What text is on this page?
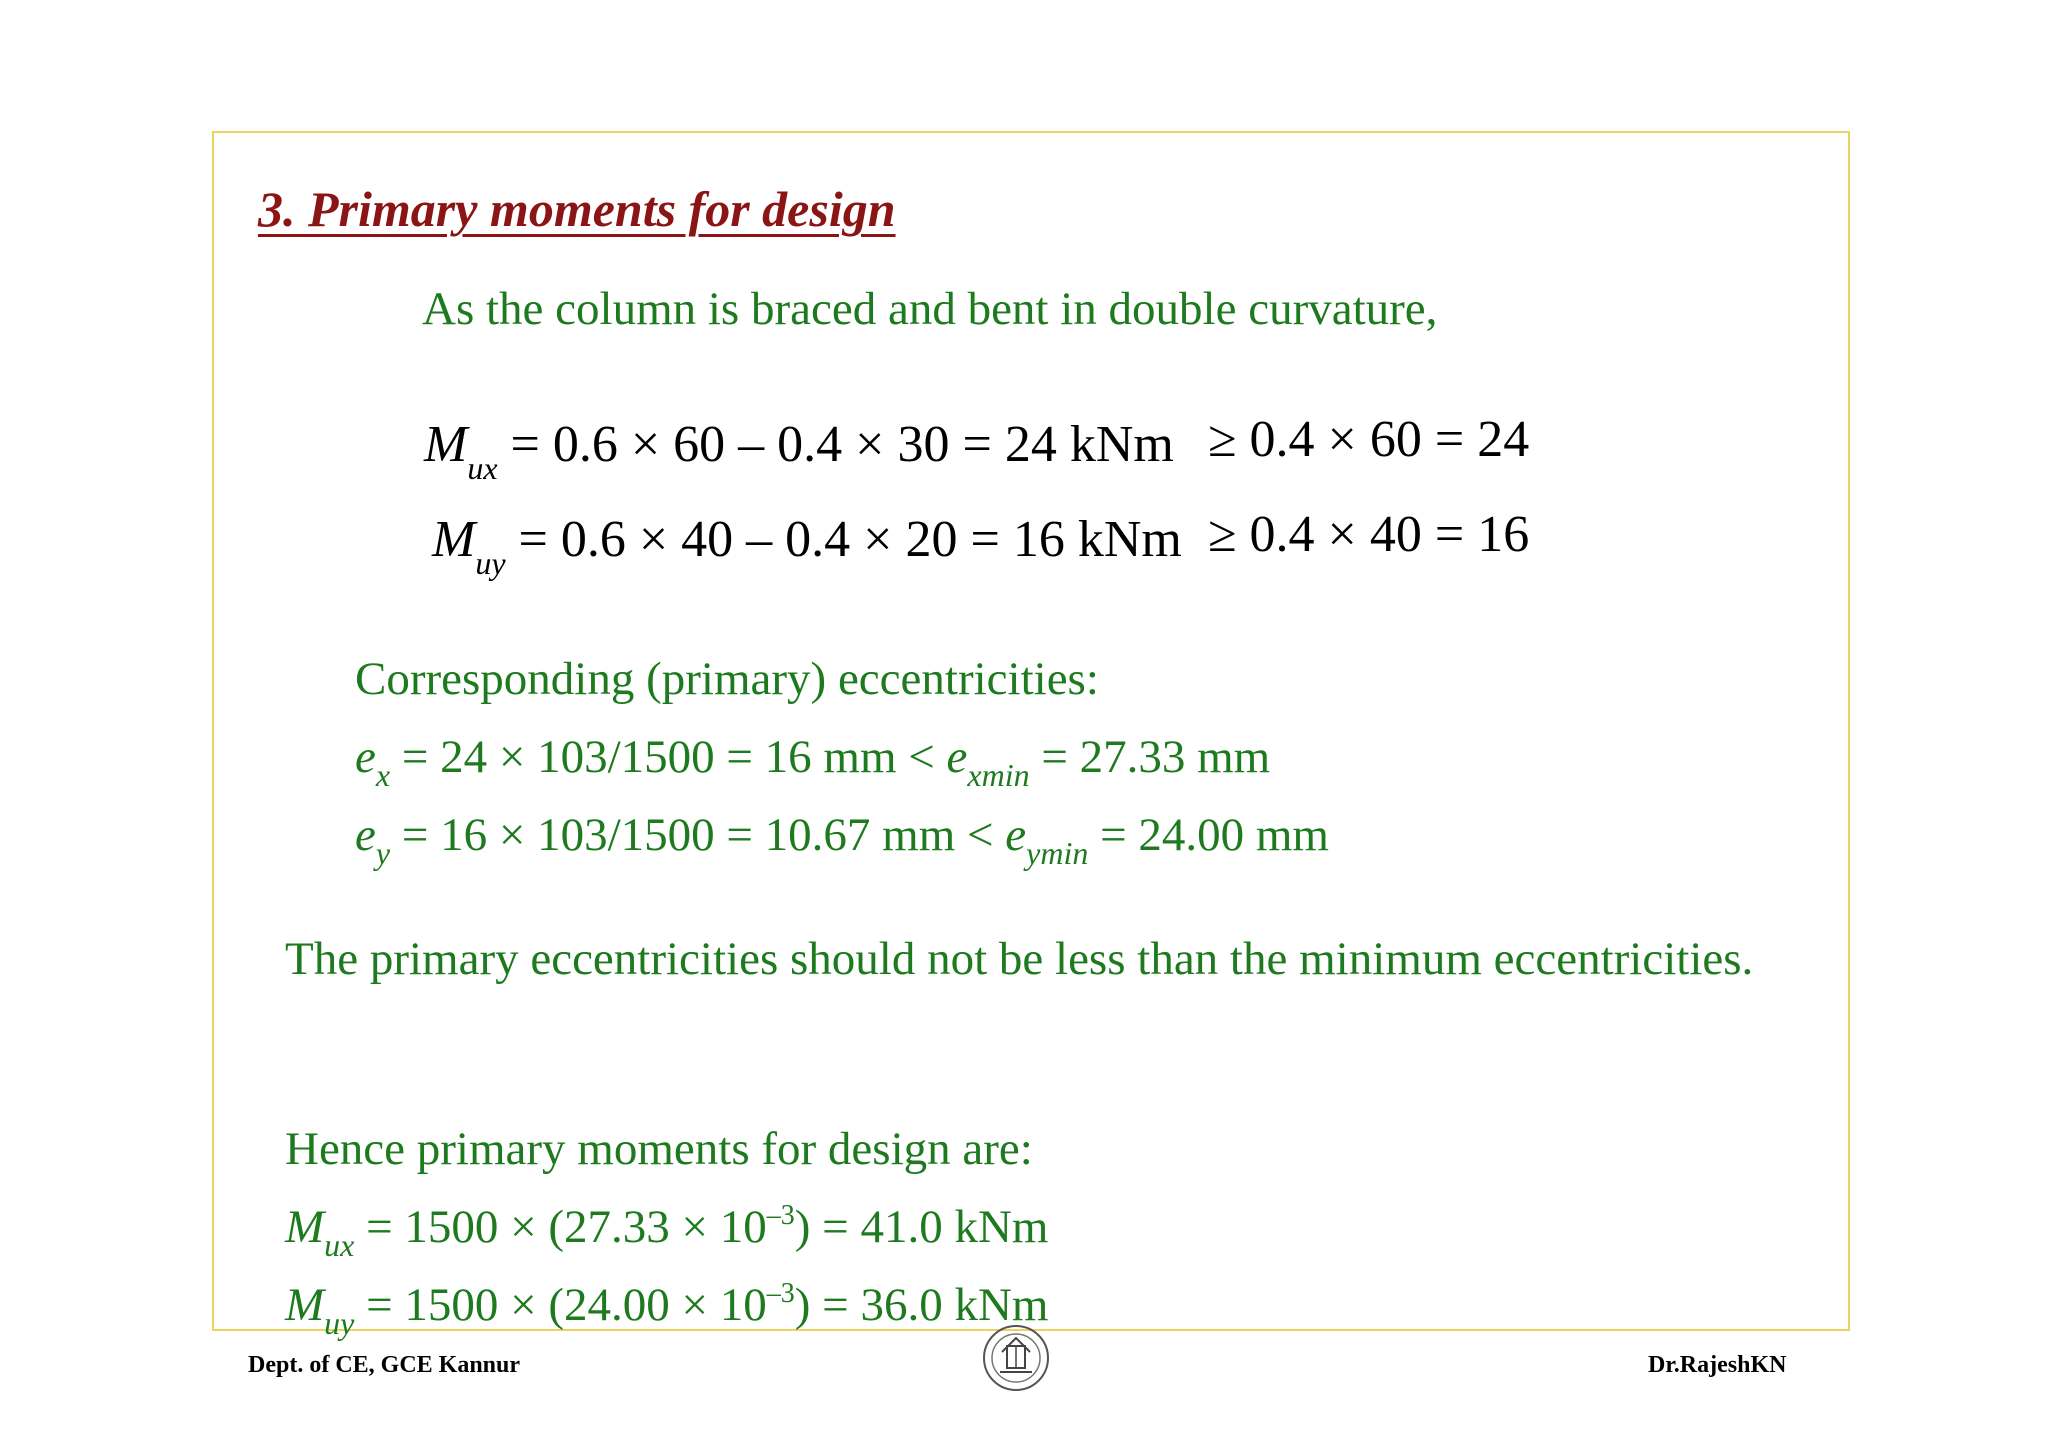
3. Primary moments for design
As the column is braced and bent in double curvature,
$M_{ux} = 0.6 \times 60 - 0.4 \times 30 = 24$ kNm ≥ 0.4 × 60 = 24
$M_{uy} = 0.6 \times 40 - 0.4 \times 20 = 16$ kNm ≥ 0.4 × 40 = 16
Corresponding (primary) eccentricities:
$e_x = 24 \times 103/1500 = 16$ mm < $e_{xmin} = 27.33$ mm
$e_y = 16 \times 103/1500 = 10.67$ mm < $e_{ymin} = 24.00$ mm
The primary eccentricities should not be less than the minimum eccentricities.
Hence primary moments for design are:
$M_{ux} = 1500 \times (27.33 \times 10^{-3}) = 41.0$ kNm
$M_{uy} = 1500 \times (24.00 \times 10^{-3}) = 36.0$ kNm
Dept. of CE, GCE Kannur	Dr.RajeshKN
